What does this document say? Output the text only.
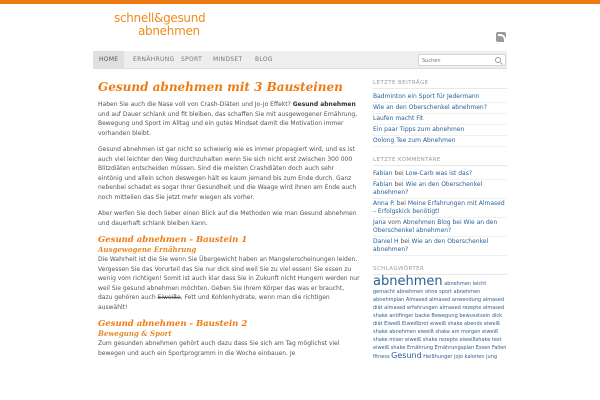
schnell&gesund
abnehmen
HOME	ERNÄHRUNG	SPORT	MINDSET	BLOG
Suchen
Gesund abnehmen mit 3 Bausteinen

Haben Sie auch die Nase voll von Crash-Diäten und Jo-Jo Effekt? Gesund abnehmen und auf Dauer schlank und fit bleiben, das schaffen Sie mit ausgewogener Ernährung, Bewegung und Sport im Alltag und ein gutes Mindset damit die Motivation immer vorhanden bleibt.

Gesund abnehmen ist gar nicht so schwierig wie es immer propagiert wird, und es ist auch viel leichter den Weg durchzuhalten wenn Sie sich nicht erst zwischen 300 000 Blitzdiäten entscheiden müssen. Sind die meisten Crashdiäten doch auch sehr eintönig und allein schon deswegen hält es kaum jemand bis zum Ende durch. Ganz nebenbei schadet es sogar Ihrer Gesundheit und die Waage wird ihnen am Ende auch noch mitteilen das Sie jetzt mehr wiegen als vorher.

Aber werfen Sie doch lieber einen Blick auf die Methoden wie man Gesund abnehmen und dauerhaft schlank bleiben kann.

Gesund abnehmen - Baustein 1
Ausgewogene Ernährung

Die Wahrheit ist die Sie wenn Sie Übergewicht haben an Mangelerscheinungen leiden. Vergessen Sie das Vorurteil das Sie nur dick sind weil Sie zu viel essen! Sie essen zu wenig vom richtigen! Somit ist auch klar dass Sie in Zukunft nicht Hungern werden nur weil Sie gesund abnehmen möchten. Geben Sie Ihrem Körper das was er braucht, dazu gehören auch Eiweiße, Fett und Kohlenhydrate, wenn man die richtigen auswählt!

Gesund abnehmen - Baustein 2
Bewegung & Sport

Zum gesunden abnehmen gehört auch dazu dass Sie sich am Tag möglichst viel bewegen und auch ein Sportprogramm in die Woche einbauen. Je

LETZTE BEITRÄGE
Badminton ein Sport für Jedermann
Wie an den Oberschenkel abnehmen?
Laufen macht Fit
Ein paar Tipps zum abnehmen
Oolong Tee zum Abnehmen
LETZTE KOMMENTARE
Fabian bei Low-Carb was ist das?
Fabian bei Wie an den Oberschenkel abnehmen?
Anna P. bei Meine Erfahrungen mit Almased – Erfolgskick benötigt!
Jana vom Abnehmen Blog bei Wie an den Oberschenkel abnehmen?
Daniel H bei Wie an den Oberschenkel abnehmen?
SCHLAGWÖRTER
abnehmen abnehmen leicht gemacht abnehmen ohne sport abnehmen abnehmplan Almased almased anwendung almased diät almased erfahrungen almased rezepte almased shake antifinger backe Bewegung bewusstsein dick diät Eiweiß Eiweißbrot eiweiß shake abends eiweiß shake abnehmen eiweiß shake am morgen eiweiß shake mixer eiweiß shake rezepte eiweißshake test eiweiß shake Ernährung Ernährungsplan Essen Fallen fitness Gesund Heißhunger jojo kalorien jung
